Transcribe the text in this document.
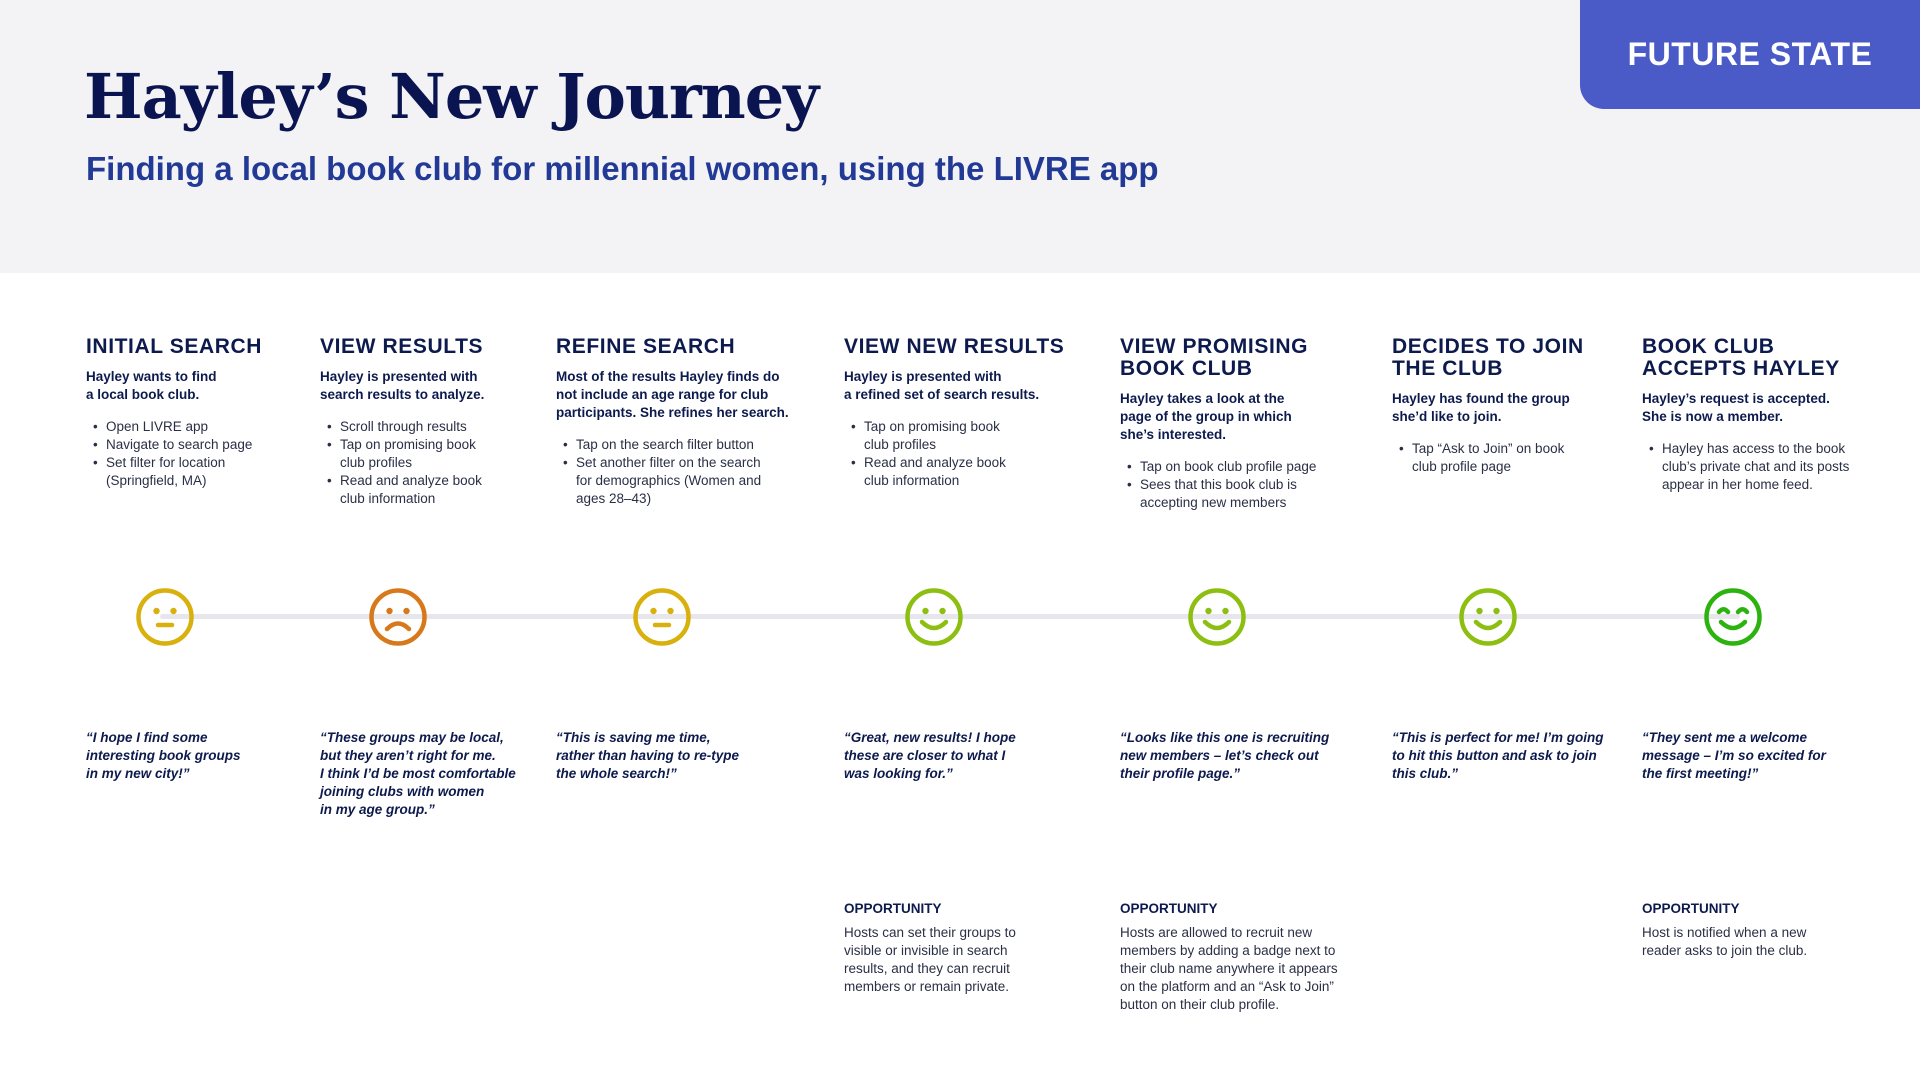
Hayley’s New Journey
Finding a local book club for millennial women, using the LIVRE app
FUTURE STATE
INITIAL SEARCH
Hayley wants to find
a local book club.
• Open LIVRE app
• Navigate to search page
• Set filter for location
(Springfield, MA)
VIEW RESULTS
Hayley is presented with
search results to analyze.
• Scroll through results
• Tap on promising book
club profiles
• Read and analyze book
club information
REFINE SEARCH
Most of the results Hayley finds do
not include an age range for club
participants. She refines her search.
• Tap on the search filter button
• Set another filter on the search
for demographics (Women and
ages 28–43)
VIEW NEW RESULTS
Hayley is presented with
a refined set of search results.
• Tap on promising book
club profiles
• Read and analyze book
club information
VIEW PROMISING
BOOK CLUB
Hayley takes a look at the
page of the group in which
she’s interested.
• Tap on book club profile page
• Sees that this book club is
accepting new members
DECIDES TO JOIN
THE CLUB
Hayley has found the group
she’d like to join.
• Tap “Ask to Join” on book
club profile page
BOOK CLUB
ACCEPTS HAYLEY
Hayley’s request is accepted.
She is now a member.
• Hayley has access to the book
club’s private chat and its posts
appear in her home feed.

“I hope I find some
interesting book groups
in my new city!”

“These groups may be local,
but they aren’t right for me.
I think I’d be most comfortable
joining clubs with women
in my age group.”

“This is saving me time,
rather than having to re-type
the whole search!”

“Great, new results! I hope
these are closer to what I
was looking for.”

“Looks like this one is recruiting
new members – let’s check out
their profile page.”

“This is perfect for me! I’m going
to hit this button and ask to join
this club.”

“They sent me a welcome
message – I’m so excited for
the first meeting!”

OPPORTUNITY

Hosts can set their groups to
visible or invisible in search
results, and they can recruit
members or remain private.

OPPORTUNITY

Hosts are allowed to recruit new
members by adding a badge next to
their club name anywhere it appears
on the platform and an “Ask to Join”
button on their club profile.

OPPORTUNITY

Host is notified when a new
reader asks to join the club.
